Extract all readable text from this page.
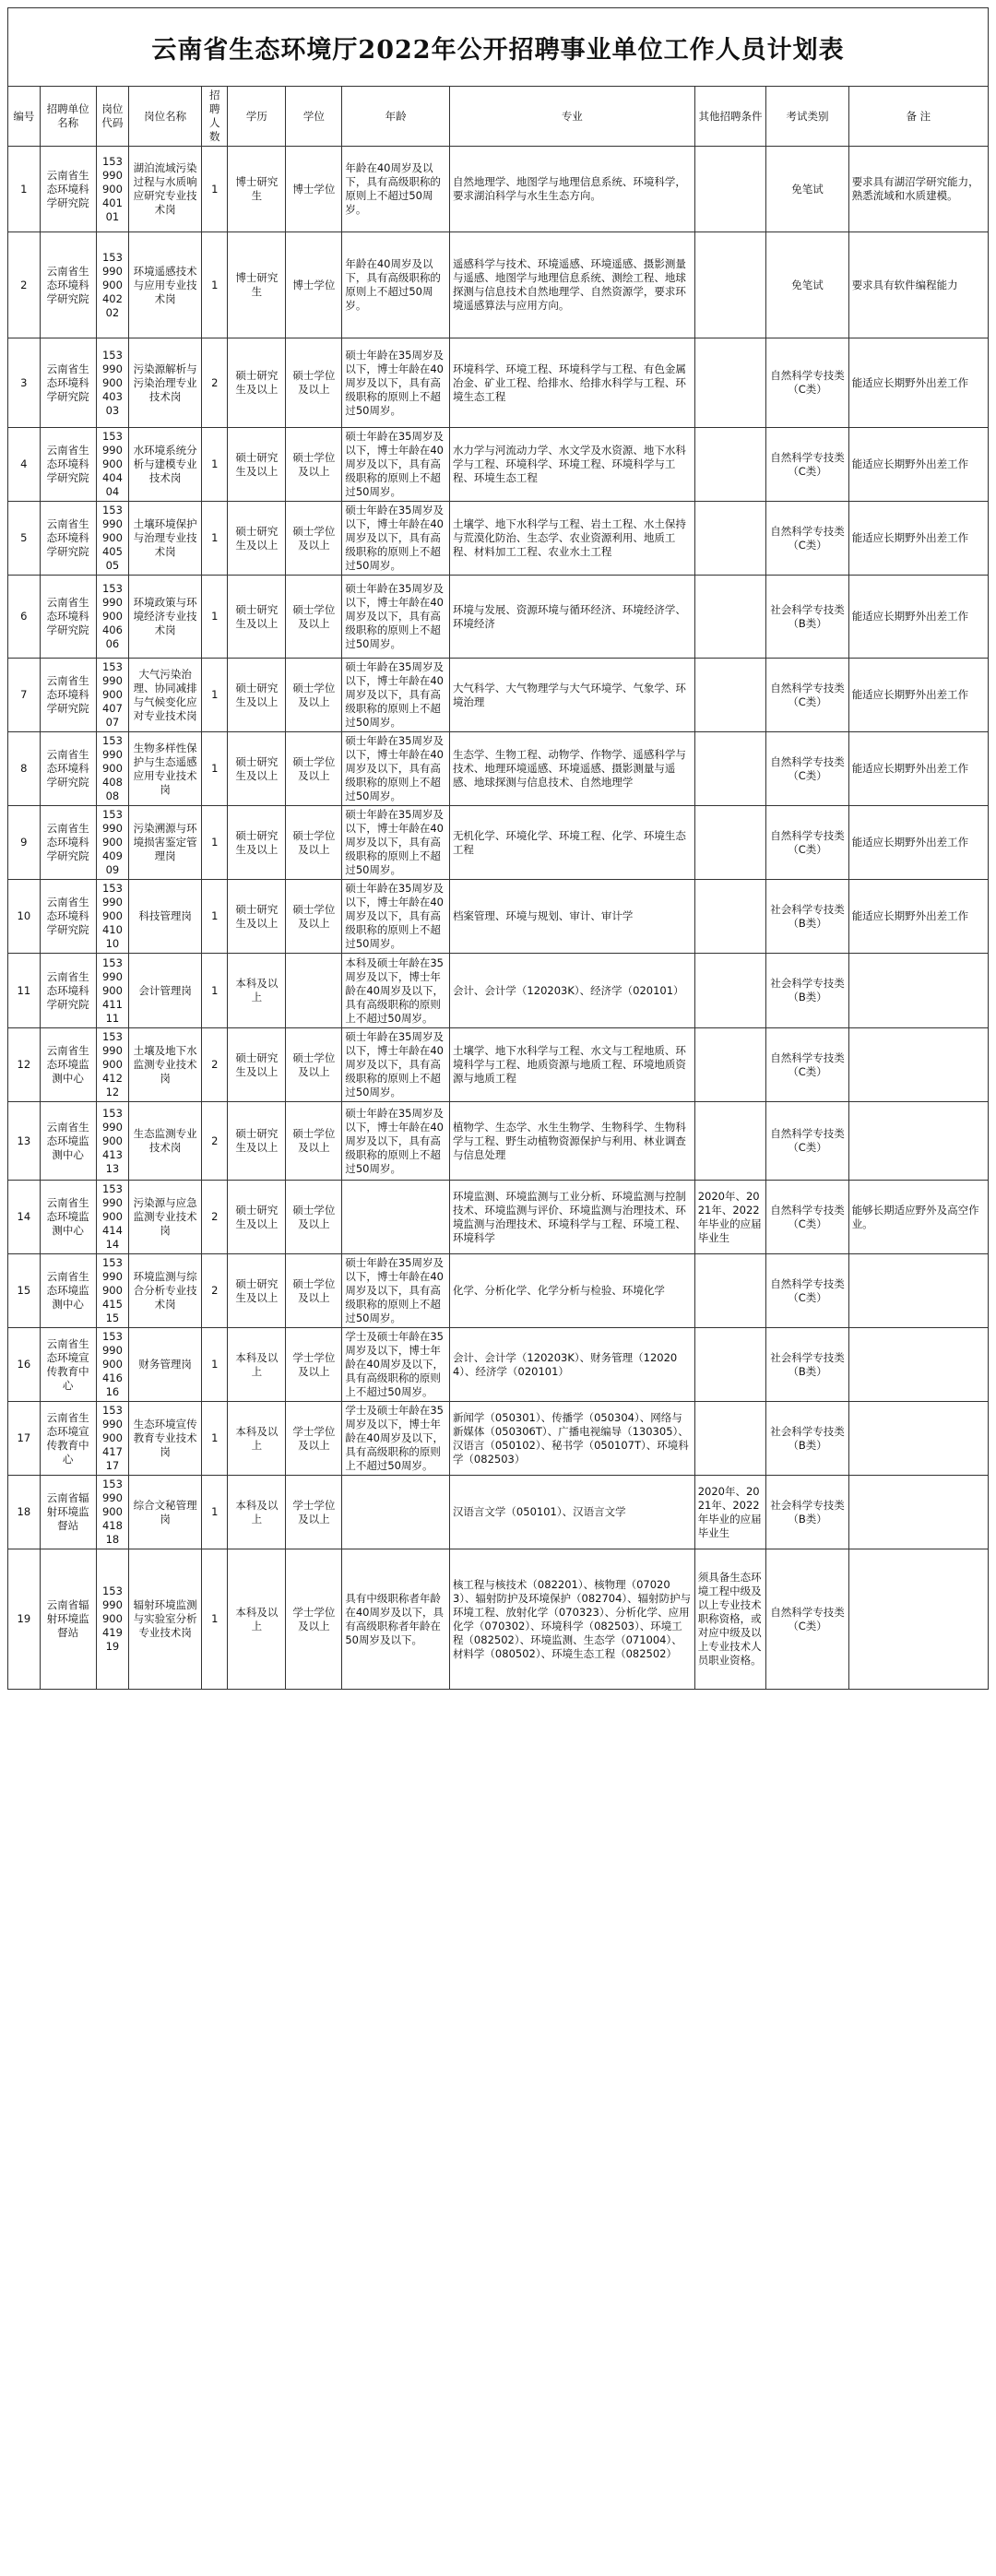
云南省生态环境厅2022年公开招聘事业单位工作人员计划表
编号	招聘单位名称	岗位代码	岗位名称	招聘人数	学历	学位	年龄	专业	其他招聘条件	考试类别	备 注
1	云南省生态环境科学研究院	15399090040101	湖泊流域污染过程与水质响应研究专业技术岗	1	博士研究生	博士学位	年龄在40周岁及以下，具有高级职称的原则上不超过50周岁。	自然地理学、地图学与地理信息系统、环境科学，要求湖泊科学与水生生态方向。		免笔试	要求具有湖沼学研究能力，熟悉流域和水质建模。
2	云南省生态环境科学研究院	15399090040202	环境遥感技术与应用专业技术岗	1	博士研究生	博士学位	年龄在40周岁及以下，具有高级职称的原则上不超过50周岁。	遥感科学与技术、环境遥感、环境遥感、摄影测量与遥感、地图学与地理信息系统、测绘工程、地球探测与信息技术自然地理学、自然资源学，要求环境遥感算法与应用方向。		免笔试	要求具有软件编程能力
3	云南省生态环境科学研究院	15399090040303	污染源解析与污染治理专业技术岗	2	硕士研究生及以上	硕士学位及以上	硕士年龄在35周岁及以下，博士年龄在40周岁及以下，具有高级职称的原则上不超过50周岁。	环境科学、环境工程、环境科学与工程、有色金属冶金、矿业工程、给排水、给排水科学与工程、环境生态工程		自然科学专技类（C类）	能适应长期野外出差工作
4	云南省生态环境科学研究院	15399090040404	水环境系统分析与建模专业技术岗	1	硕士研究生及以上	硕士学位及以上	硕士年龄在35周岁及以下，博士年龄在40周岁及以下，具有高级职称的原则上不超过50周岁。	水力学与河流动力学、水文学及水资源、地下水科学与工程、环境科学、环境工程、环境科学与工程、环境生态工程		自然科学专技类（C类）	能适应长期野外出差工作
5	云南省生态环境科学研究院	15399090040505	土壤环境保护与治理专业技术岗	1	硕士研究生及以上	硕士学位及以上	硕士年龄在35周岁及以下，博士年龄在40周岁及以下，具有高级职称的原则上不超过50周岁。	土壤学、地下水科学与工程、岩土工程、水土保持与荒漠化防治、生态学、农业资源利用、地质工程、材料加工工程、农业水土工程		自然科学专技类（C类）	能适应长期野外出差工作
6	云南省生态环境科学研究院	15399090040606	环境政策与环境经济专业技术岗	1	硕士研究生及以上	硕士学位及以上	硕士年龄在35周岁及以下，博士年龄在40周岁及以下，具有高级职称的原则上不超过50周岁。	环境与发展、资源环境与循环经济、环境经济学、环境经济		社会科学专技类（B类）	能适应长期野外出差工作
7	云南省生态环境科学研究院	15399090040707	大气污染治理、协同减排与气候变化应对专业技术岗	1	硕士研究生及以上	硕士学位及以上	硕士年龄在35周岁及以下，博士年龄在40周岁及以下，具有高级职称的原则上不超过50周岁。	大气科学、大气物理学与大气环境学、气象学、环境治理		自然科学专技类（C类）	能适应长期野外出差工作
8	云南省生态环境科学研究院	15399090040808	生物多样性保护与生态遥感应用专业技术岗	1	硕士研究生及以上	硕士学位及以上	硕士年龄在35周岁及以下，博士年龄在40周岁及以下，具有高级职称的原则上不超过50周岁。	生态学、生物工程、动物学、作物学、遥感科学与技术、地理环境遥感、环境遥感、摄影测量与遥感、地球探测与信息技术、自然地理学		自然科学专技类（C类）	能适应长期野外出差工作
9	云南省生态环境科学研究院	15399090040909	污染溯源与环境损害鉴定管理岗	1	硕士研究生及以上	硕士学位及以上	硕士年龄在35周岁及以下，博士年龄在40周岁及以下，具有高级职称的原则上不超过50周岁。	无机化学、环境化学、环境工程、化学、环境生态工程		自然科学专技类（C类）	能适应长期野外出差工作
10	云南省生态环境科学研究院	15399090041010	科技管理岗	1	硕士研究生及以上	硕士学位及以上	硕士年龄在35周岁及以下，博士年龄在40周岁及以下，具有高级职称的原则上不超过50周岁。	档案管理、环境与规划、审计、审计学		社会科学专技类（B类）	能适应长期野外出差工作
11	云南省生态环境科学研究院	15399090041111	会计管理岗	1	本科及以上		本科及硕士年龄在35周岁及以下，博士年龄在40周岁及以下，具有高级职称的原则上不超过50周岁。	会计、会计学（120203K）、经济学（020101）		社会科学专技类（B类）	
12	云南省生态环境监测中心	15399090041212	土壤及地下水监测专业技术岗	2	硕士研究生及以上	硕士学位及以上	硕士年龄在35周岁及以下，博士年龄在40周岁及以下，具有高级职称的原则上不超过50周岁。	土壤学、地下水科学与工程、水文与工程地质、环境科学与工程、地质资源与地质工程、环境地质资源与地质工程		自然科学专技类（C类）	
13	云南省生态环境监测中心	15399090041313	生态监测专业技术岗	2	硕士研究生及以上	硕士学位及以上	硕士年龄在35周岁及以下，博士年龄在40周岁及以下，具有高级职称的原则上不超过50周岁。	植物学、生态学、水生生物学、生物科学、生物科学与工程、野生动植物资源保护与利用、林业调查与信息处理		自然科学专技类（C类）	
14	云南省生态环境监测中心	15399090041414	污染源与应急监测专业技术岗	2	硕士研究生及以上	硕士学位及以上		环境监测、环境监测与工业分析、环境监测与控制技术、环境监测与评价、环境监测与治理技术、环境监测与治理技术、环境科学与工程、环境工程、环境科学	2020年、2021年、2022年毕业的应届毕业生	自然科学专技类（C类）	能够长期适应野外及高空作业。
15	云南省生态环境监测中心	15399090041515	环境监测与综合分析专业技术岗	2	硕士研究生及以上	硕士学位及以上	硕士年龄在35周岁及以下，博士年龄在40周岁及以下，具有高级职称的原则上不超过50周岁。	化学、分析化学、化学分析与检验、环境化学		自然科学专技类（C类）	
16	云南省生态环境宣传教育中心	15399090041616	财务管理岗	1	本科及以上	学士学位及以上	学士及硕士年龄在35周岁及以下，博士年龄在40周岁及以下，具有高级职称的原则上不超过50周岁。	会计、会计学（120203K）、财务管理（120204）、经济学（020101）		社会科学专技类（B类）	
17	云南省生态环境宣传教育中心	15399090041717	生态环境宣传教育专业技术岗	1	本科及以上	学士学位及以上	学士及硕士年龄在35周岁及以下，博士年龄在40周岁及以下，具有高级职称的原则上不超过50周岁。	新闻学（050301）、传播学（050304）、网络与新媒体（050306T）、广播电视编导（130305）、汉语言（050102）、秘书学（050107T）、环境科学（082503）		社会科学专技类（B类）	
18	云南省辐射环境监督站	15399090041818	综合文秘管理岗	1	本科及以上	学士学位及以上		汉语言文学（050101）、汉语言文学	2020年、2021年、2022年毕业的应届毕业生	社会科学专技类（B类）	
19	云南省辐射环境监督站	15399090041919	辐射环境监测与实验室分析专业技术岗	1	本科及以上	学士学位及以上	具有中级职称者年龄在40周岁及以下，具有高级职称者年龄在50周岁及以下。	核工程与核技术（082201）、核物理（070203）、辐射防护及环境保护（082704）、辐射防护与环境工程、放射化学（070323）、分析化学、应用化学（070302）、环境科学（082503）、环境工程（082502）、环境监测、生态学（071004）、材料学（080502）、环境生态工程（082502）	须具备生态环境工程中级及以上专业技术职称资格，或对应中级及以上专业技术人员职业资格。	自然科学专技类（C类）	
